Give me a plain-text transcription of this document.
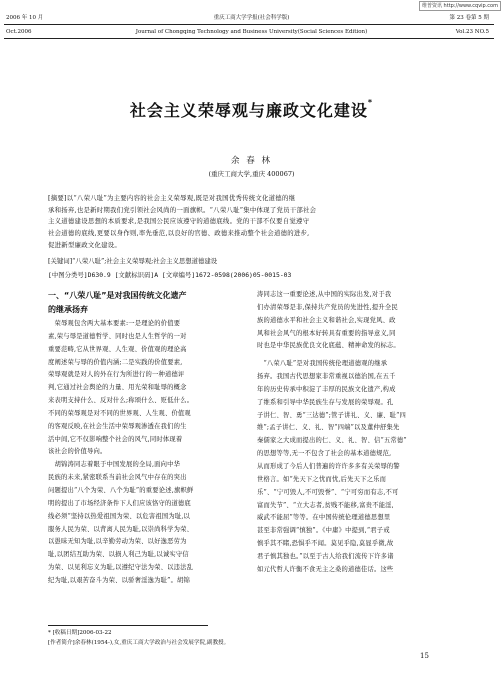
维普资讯 http://www.cqvip.com
2006 年 10 月	重庆工商大学学报(社会科学版)	第 23 卷第 5 期
Oct.2006	Journal of Chongqing Technology and Business University(Social Sciences Edition)	Vol.23 NO.5
社会主义荣辱观与廉政文化建设*
余 春 林
(重庆工商大学,重庆 400067)
[摘要]以“八荣八耻”为主要内容的社会主义荣辱观,既是对我国优秀传统文化道德的继
承和扬弃,也是新时期我们党引领社会风尚的一面旗帜。“八荣八耻”集中体现了党员干部社会
主义道德建设思想的本质要求,是我国公民应该遵守的道德底线。党的干部不仅要自觉遵守
社会道德的底线,更要以身作则,率先垂范,以良好的官德、政德来推动整个社会道德的进步,
促进新型廉政文化建设。
[关键词]“八荣八耻”;社会主义荣辱观;社会主义思想道德建设
[中图分类号]D630.9 [文献标识码]A [文章编号]1672-0598(2006)05-0015-03
一、“八荣八耻”是对我国传统文化遗产
的继承扬弃
　荣辱观包含两大基本要素:一是理论的价值要
素,荣与辱是道德哲学、同时也是人生哲学的一对
重要范畴,它从世界观、人生观、价值观的理论高
度阐述荣与辱的价值内涵;二是实践的价值要素,
荣辱观就是对人的外在行为所进行的一种道德评
判,它通过社会舆论的力量、用光荣和耻辱的概念
来表明支持什么、反对什么;称颂什么、贬低什么。
不同的荣辱观是对不同的世界观、人生观、价值观
的客观反映,在社会生活中荣辱观渗透在我们的生
活中间,它不仅影响整个社会的风气,同时体现着
该社会的价值导向。
　胡锦涛同志着眼于中国发展的全局,面向中华
民族的未来,紧密联系当前社会风气中存在的突出
问题提出“八个为荣、八个为耻”的重要论述,旗帜鲜
明的提出了市场经济条件下人们应该恪守的道德底
线必须“坚持以热爱祖国为荣、以危害祖国为耻,以
服务人民为荣、以背离人民为耻,以崇尚科学为荣、
以愚昧无知为耻,以辛勤劳动为荣、以好逸恶劳为
耻,以团结互助为荣、以损人利己为耻,以诚实守信
为荣、以见利忘义为耻,以遵纪守法为荣、以违法乱
纪为耻,以艰苦奋斗为荣、以骄奢淫逸为耻”。胡锦
涛同志这一重要论述,从中国的实际出发,对于我
们办清荣辱是非,保持共产党员的先进性,提升全民
族的道德水平和社会主义和谐社会,实现党风、政
风和社会风气的根本好转具有重要的指导意义,同
时也是中华民族优良文化底蕴、精神命发的标志。
　“八荣八耻”是对我国传统伦理道德观的继承
扬弃。我国古代思想家非常重视以德治国,在五千
年的历史传承中积淀了丰厚的民族文化遗产,构成
了维系和引导中华民族生存与发展的荣辱观。孔
子讲仁、智、勇“三达德”;管子讲礼、义、廉、耻“四
维”;孟子讲仁、义、礼、智“四端”以及董仲舒集先
秦儒家之大成而提出的仁、义、礼、智、信“五常德”
的思想等等,无一不包含了社会的基本道德规范,
从而形成了今后人们普遍的许许多多有关荣辱的警
世格言。如“先天下之忧而忧,后先天下之乐而
乐”、“宁可毁人,不可毁誉”、“宁可穷而有志,不可
富而失节”、“立大志者,贫贱不能移,富贵不能淫,
威武不能屈”等等。在中国传统伦理道德思想里
甚至非常强调“慎独”。《中庸》中提到,“君子戒
慎乎其不睹,恐惧乎不闻。莫见乎隐,莫显乎微,故
君子慎其独也。”以至于古人给我们流传下许多诸
如元代哲人许衡不食无主之桑的道德佳话。这些
* [收稿日期]2006-03-22
[作者简介]余春林(1954-),女,重庆工商大学政治与社会发展学院,副教授。
15
